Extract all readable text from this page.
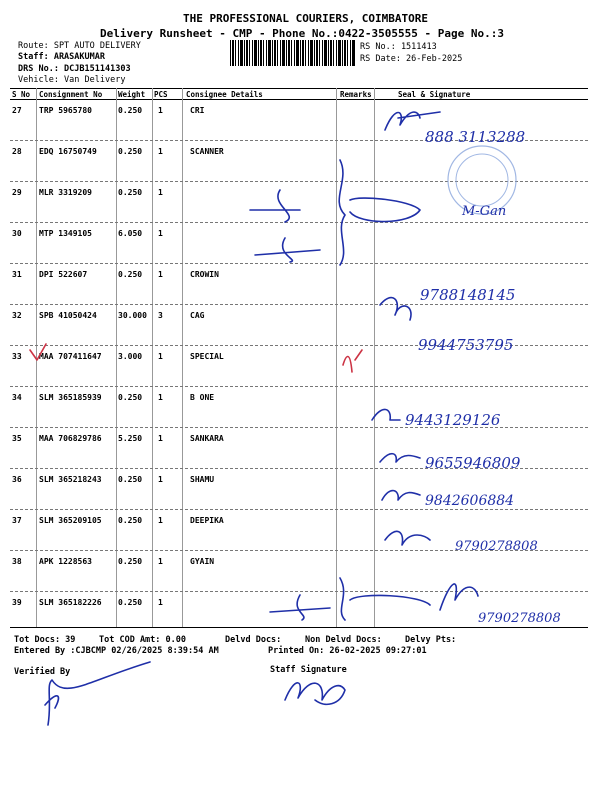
THE PROFESSIONAL COURIERS, COIMBATORE
Delivery Runsheet - CMP - Phone No.:0422-3505555 - Page No.:3
Route: SPT AUTO DELIVERY
Staff: ARASAKUMAR
DRS No.: DCJB151141303
Vehicle: Van Delivery
RS No.: 1511413
RS Date: 26-Feb-2025
S No Consignment No Weight PCS Consignee Details	Remarks	Seal & Signature
27 TRP 5965780	0.250 1	CRI
28 EDQ 16750749	0.250 1	SCANNER
29 MLR 3319209	0.250 1
30 MTP 1349105	6.050 1
31 DPI 522607	0.250 1	CROWIN
32 SPB 41050424	30.000 3	CAG
33 MAA 707411647 3.000 1	SPECIAL
34 SLM 365185939 0.250 1	B ONE
35 MAA 706829786 5.250 1	SANKARA
36 SLM 365218243 0.250 1	SHAMU
37 SLM 365209105 0.250 1	DEEPIKA
38 APK 1228563	0.250 1	GYAIN
39 SLM 365182226 0.250 1
Tot Docs: 39	Tot COD Amt: 0.00	Delvd Docs:	Non Delvd Docs:	Delvy Pts:
Entered By :CJBCMP 02/26/2025 8:39:54 AM	Printed On: 26-02-2025 09:27:01
Verified By	Staff Signature
888 3113288
M-Gan
9788148145
9944753795
9443129126
9655946809
9842606884
9790278808
9790278808
